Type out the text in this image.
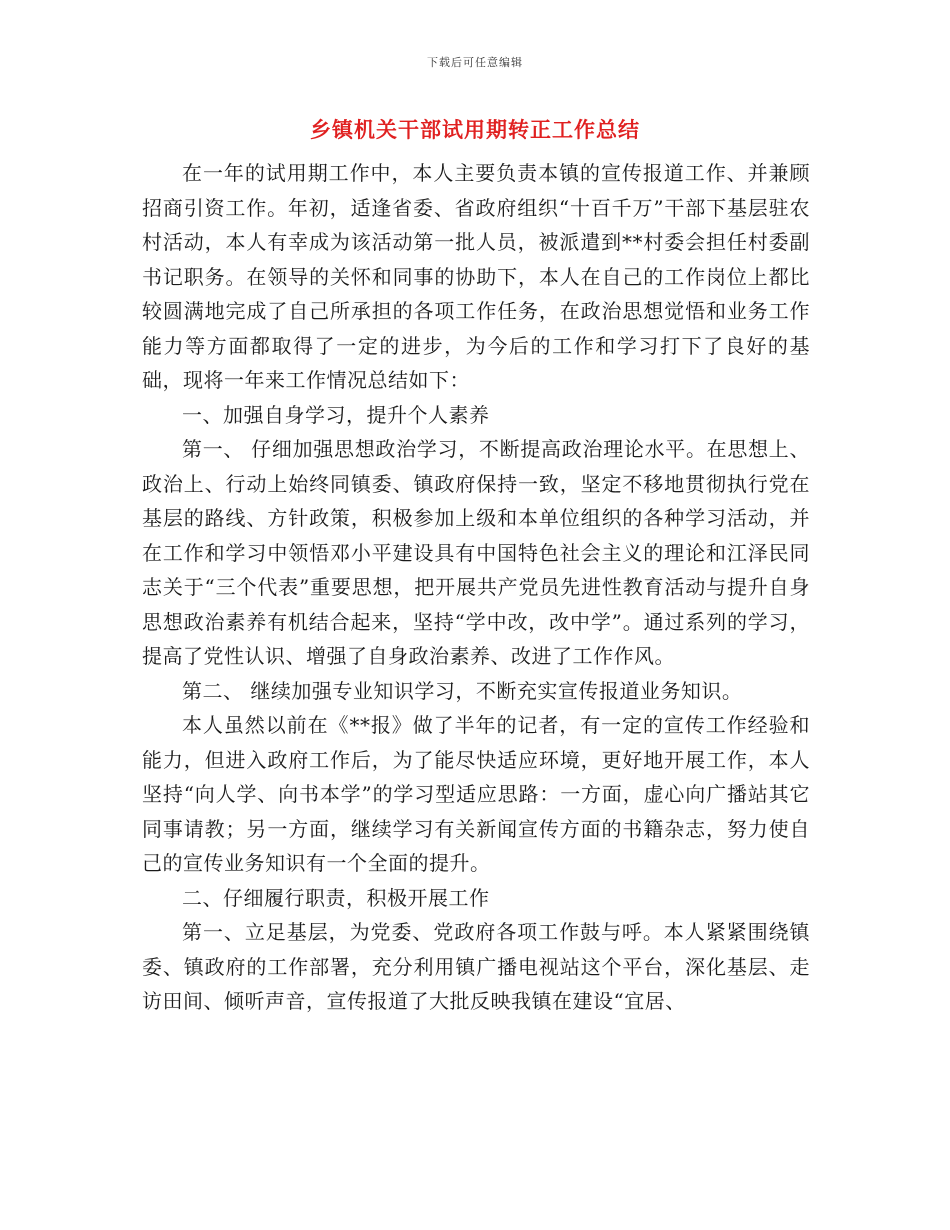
下载后可任意编辑
乡镇机关干部试用期转正工作总结

在一年的试用期工作中，本人主要负责本镇的宣传报道工作、并兼顾招商引资工作。年初，适逢省委、省政府组织“十百千万”干部下基层驻农村活动，本人有幸成为该活动第一批人员，被派遣到**村委会担任村委副书记职务。在领导的关怀和同事的协助下，本人在自己的工作岗位上都比较圆满地完成了自己所承担的各项工作任务，在政治思想觉悟和业务工作能力等方面都取得了一定的进步，为今后的工作和学习打下了良好的基础，现将一年来工作情况总结如下：

一、加强自身学习，提升个人素养

第一、 仔细加强思想政治学习，不断提高政治理论水平。在思想上、政治上、行动上始终同镇委、镇政府保持一致，坚定不移地贯彻执行党在基层的路线、方针政策，积极参加上级和本单位组织的各种学习活动，并在工作和学习中领悟邓小平建设具有中国特色社会主义的理论和江泽民同志关于“三个代表”重要思想，把开展共产党员先进性教育活动与提升自身思想政治素养有机结合起来，坚持“学中改，改中学”。通过系列的学习，提高了党性认识、增强了自身政治素养、改进了工作作风。

第二、 继续加强专业知识学习，不断充实宣传报道业务知识。

本人虽然以前在《**报》做了半年的记者，有一定的宣传工作经验和能力，但进入政府工作后，为了能尽快适应环境，更好地开展工作，本人坚持“向人学、向书本学”的学习型适应思路：一方面，虚心向广播站其它同事请教；另一方面，继续学习有关新闻宣传方面的书籍杂志，努力使自己的宣传业务知识有一个全面的提升。

二、仔细履行职责，积极开展工作

第一、立足基层，为党委、党政府各项工作鼓与呼。本人紧紧围绕镇委、镇政府的工作部署，充分利用镇广播电视站这个平台，深化基层、走访田间、倾听声音，宣传报道了大批反映我镇在建设“宜居、
